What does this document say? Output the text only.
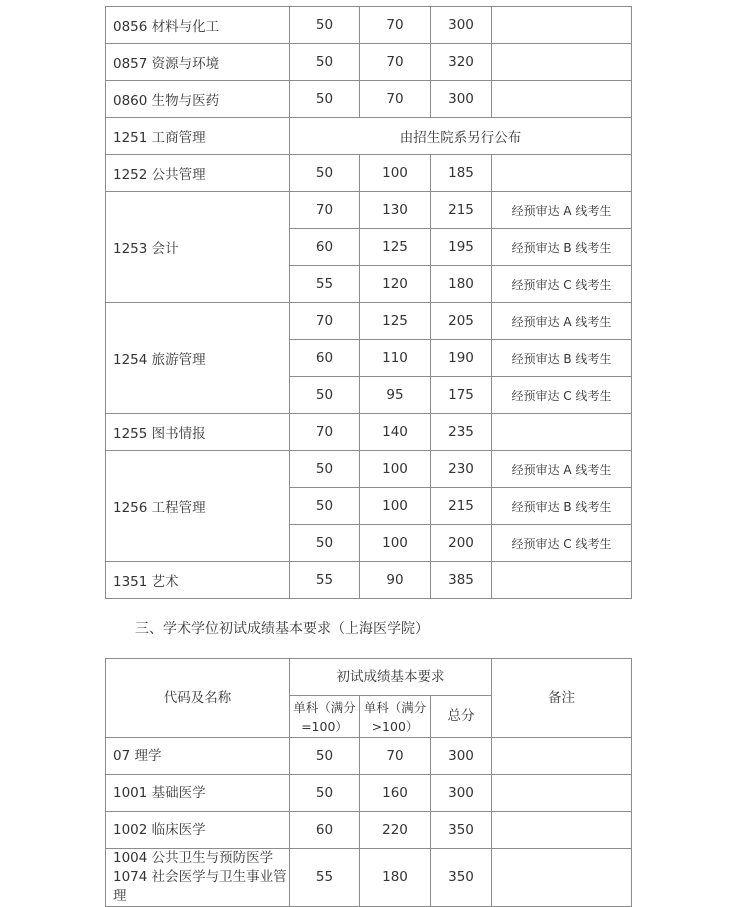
0856 材料与化工	50	70	300	
0857 资源与环境	50	70	320	
0860 生物与医药	50	70	300	
1251 工商管理	由招生院系另行公布			
1252 公共管理	50	100	185	
1253 会计	70	130	215	经预审达 A 线考生
	60	125	195	经预审达 B 线考生
	55	120	180	经预审达 C 线考生
1254 旅游管理	70	125	205	经预审达 A 线考生
	60	110	190	经预审达 B 线考生
	50	95	175	经预审达 C 线考生
1255 图书情报	70	140	235	
1256 工程管理	50	100	230	经预审达 A 线考生
	50	100	215	经预审达 B 线考生
	50	100	200	经预审达 C 线考生
1351 艺术	55	90	385	

三、学术学位初试成绩基本要求（上海医学院）

代码及名称	初试成绩基本要求			备注
	单科（满分=100）	单科（满分>100）	总分	
07 理学	50	70	300	
1001 基础医学	50	160	300	
1002 临床医学	60	220	350	

1004 公共卫生与预防医学
1074 社会医学与卫生事业管理	55	180	350	
